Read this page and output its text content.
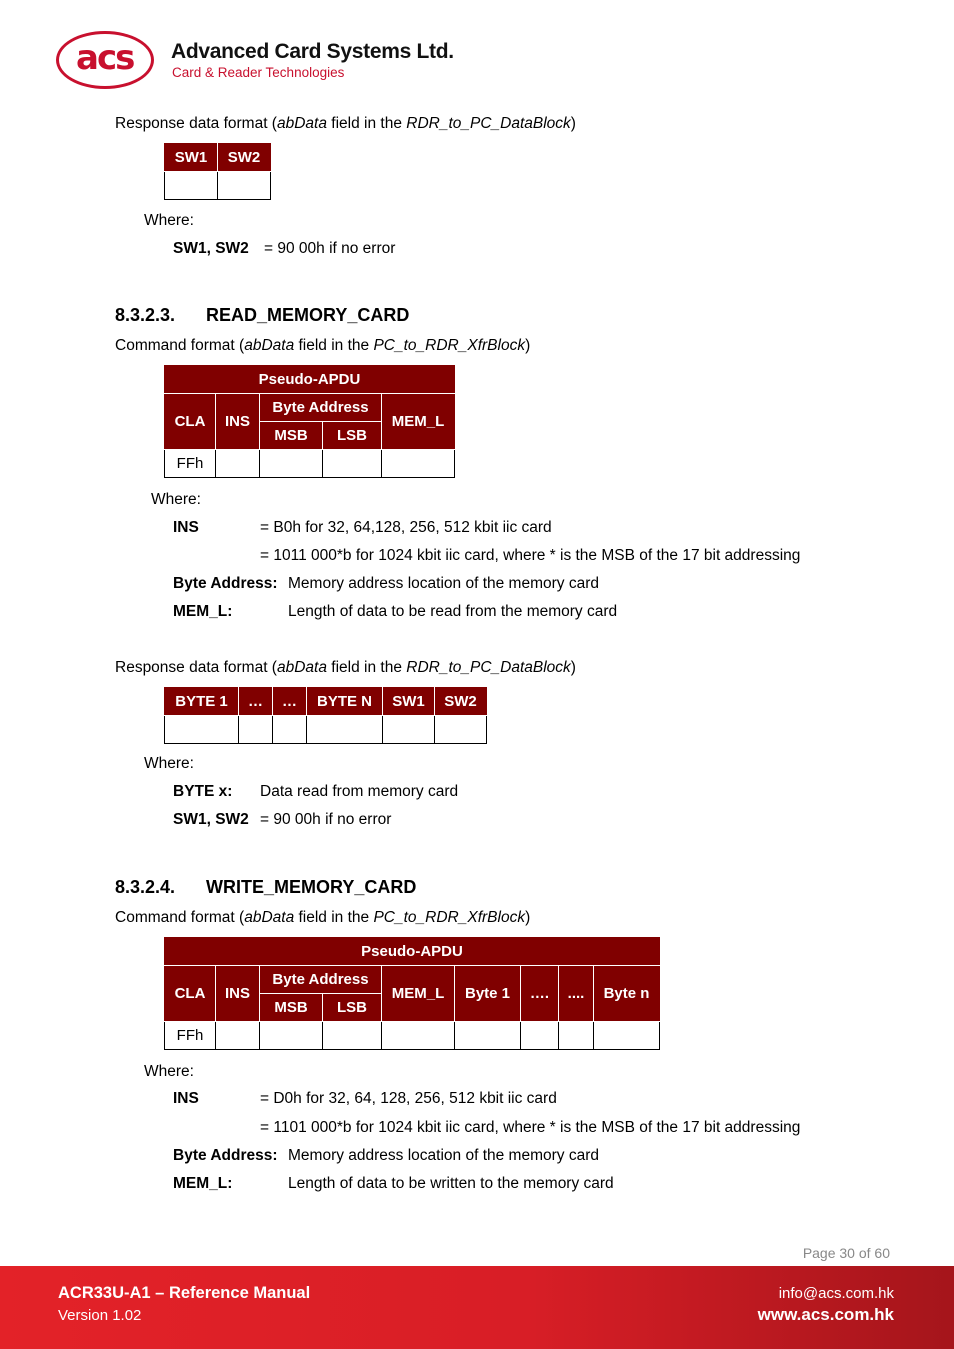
acs Advanced Card Systems Ltd.
Card & Reader Technologies
Response data format (abData field in the RDR_to_PC_DataBlock)
SW1	SW2

Where:
SW1, SW2 = 90 00h if no error
8.3.2.3. READ_MEMORY_CARD
Command format (abData field in the PC_to_RDR_XfrBlock)
Pseudo-APDU				
CLA	INS	Byte Address		MEM_L
		MSB	LSB	
FFh				
Where:
INS	= B0h for 32, 64,128, 256, 512 kbit iic card
= 1011 000*b for 1024 kbit iic card, where * is the MSB of the 17 bit addressing
Byte Address: Memory address location of the memory card
MEM_L:	Length of data to be read from the memory card
Response data format (abData field in the RDR_to_PC_DataBlock)
BYTE 1	…	…	BYTE N	SW1	SW2

Where:
BYTE x: Data read from memory card
SW1, SW2 = 90 00h if no error
8.3.2.4. WRITE_MEMORY_CARD
Command format (abData field in the PC_to_RDR_XfrBlock)
Pseudo-APDU								
CLA	INS	Byte Address		MEM_L	Byte 1	….	....	Byte n
		MSB	LSB					
FFh								
Where:
INS	= D0h for 32, 64, 128, 256, 512 kbit iic card
= 1101 000*b for 1024 kbit iic card, where * is the MSB of the 17 bit addressing
Byte Address: Memory address location of the memory card
MEM_L:	Length of data to be written to the memory card
Page 30 of 60
ACR33U-A1 – Reference Manual
Version 1.02
info@acs.com.hk
www.acs.com.hk
